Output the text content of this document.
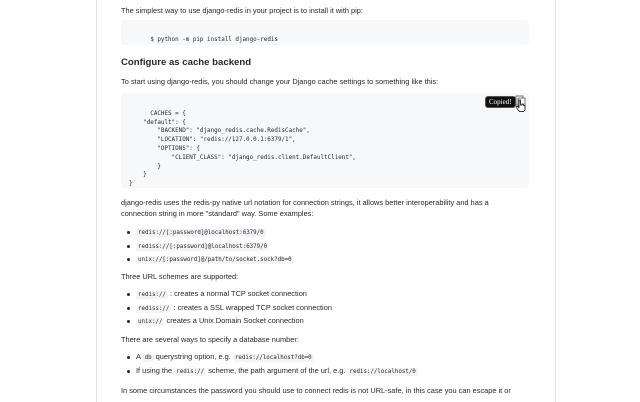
The simplest way to use django-redis in your project is to install it with pip:

$ python -m pip install django-redis

Configure as cache backend

To start using django-redis, you should change your Django cache settings to something like this:

CACHES = {
"default": {
"BACKEND": "django_redis.cache.RedisCache",
"LOCATION": "redis://127.0.0.1:6379/1",
"OPTIONS": {
"CLIENT_CLASS": "django_redis.client.DefaultClient",
}
}
}

Copied!

django-redis uses the redis-py native url notation for connection strings, it allows better interoperability and has a connection string in more "standard" way. Some examples:

redis://[:password]@localhost:6379/0
rediss://[:password]@localhost:6379/0
unix://[:password]@/path/to/socket.sock?db=0

Three URL schemes are supported:

redis:// : creates a normal TCP socket connection
rediss:// : creates a SSL wrapped TCP socket connection
unix:// creates a Unix Domain Socket connection

There are several ways to specify a database number:

A db querystring option, e.g. redis://localhost?db=0
If using the redis:// scheme, the path argument of the url, e.g. redis://localhost/0

In some circumstances the password you should use to connect redis is not URL-safe, in this case you can escape it or
